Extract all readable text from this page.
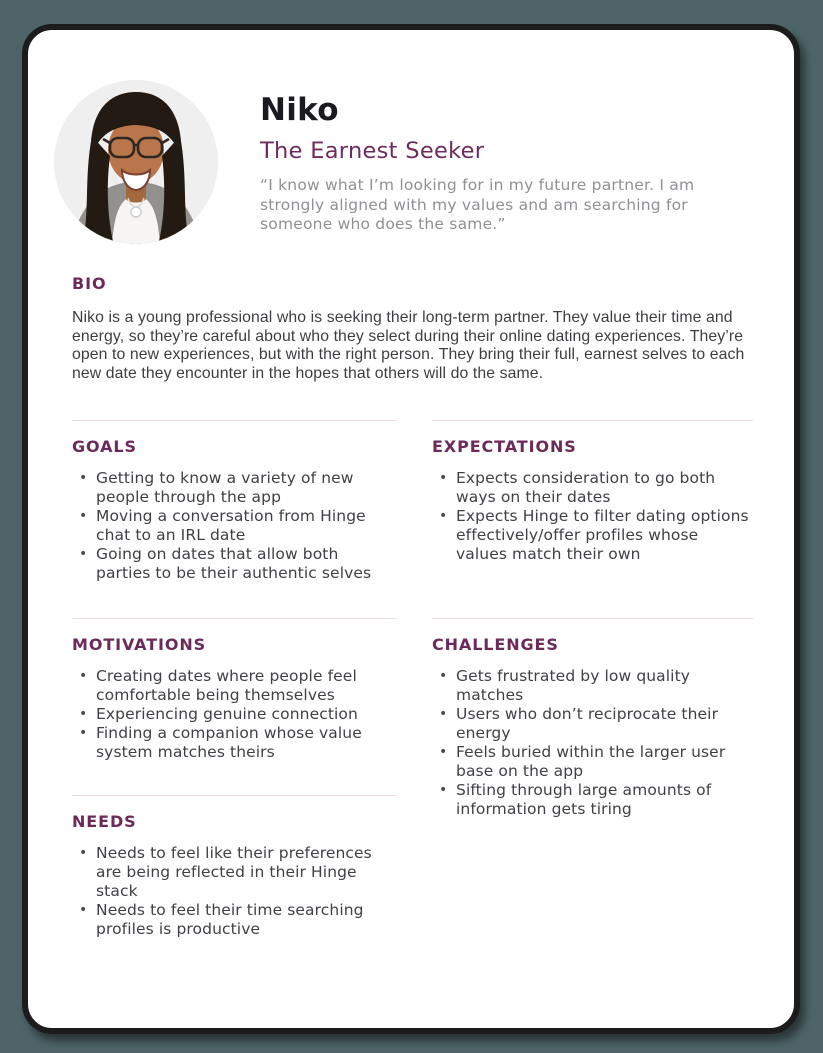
Niko
The Earnest Seeker
“I know what I’m looking for in my future partner. I am strongly aligned with my values and am searching for someone who does the same.”
BIO

Niko is a young professional who is seeking their long-term partner. They value their time and energy, so they’re careful about who they select during their online dating experiences. They’re open to new experiences, but with the right person. They bring their full, earnest selves to each new date they encounter in the hopes that others will do the same.

GOALS
• Getting to know a variety of new people through the app
• Moving a conversation from Hinge chat to an IRL date
• Going on dates that allow both parties to be their authentic selves
MOTIVATIONS
• Creating dates where people feel comfortable being themselves
• Experiencing genuine connection
• Finding a companion whose value system matches theirs
NEEDS
• Needs to feel like their preferences are being reflected in their Hinge stack
• Needs to feel their time searching profiles is productive
EXPECTATIONS
• Expects consideration to go both ways on their dates
• Expects Hinge to filter dating options effectively/offer profiles whose values match their own
CHALLENGES
• Gets frustrated by low quality matches
• Users who don’t reciprocate their energy
• Feels buried within the larger user base on the app
• Sifting through large amounts of information gets tiring
